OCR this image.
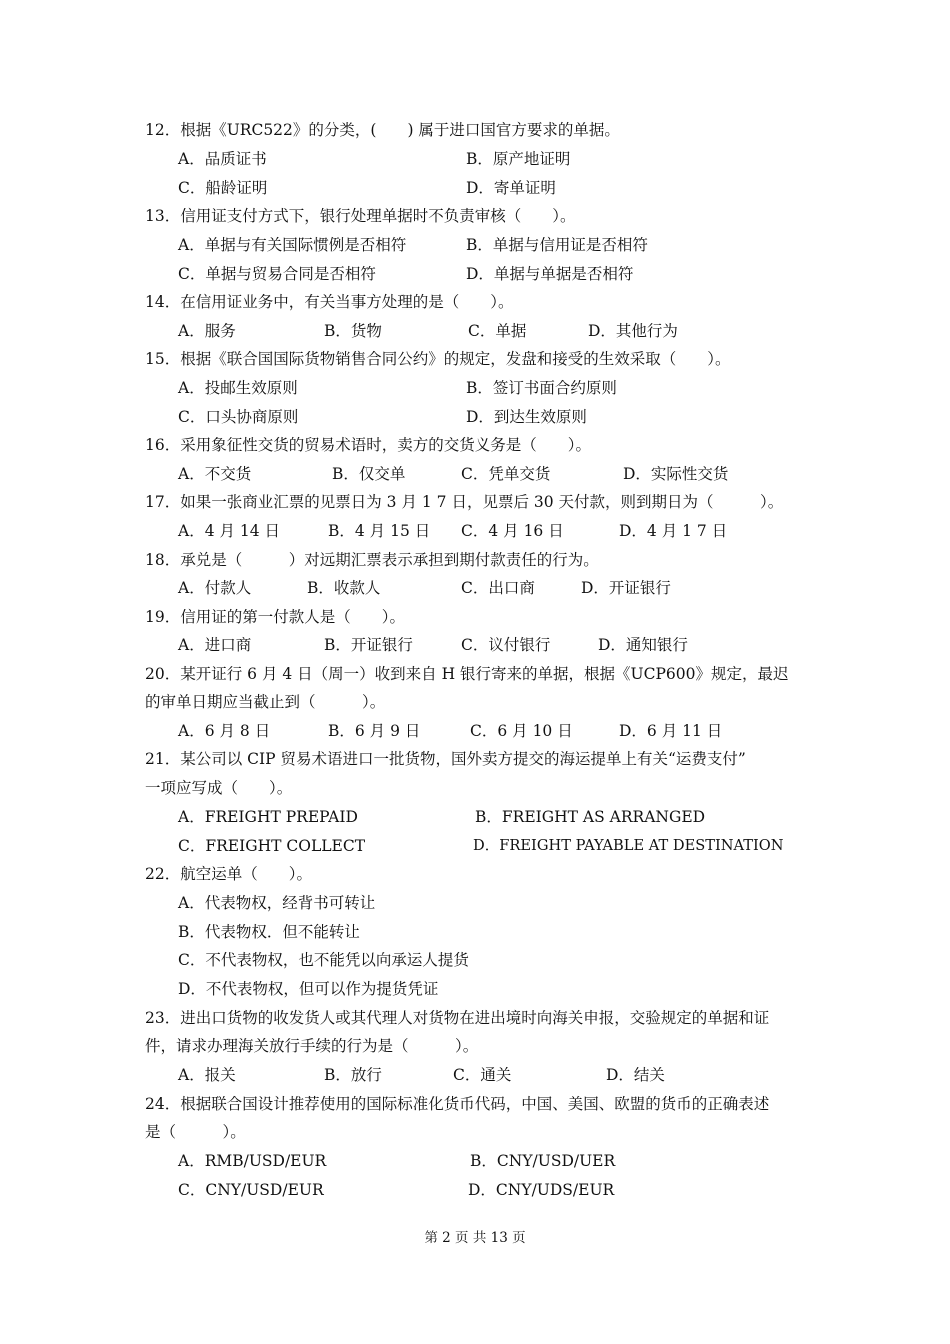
12．根据《URC522》的分类，(　　) 属于进口国官方要求的单据。
A．品质证书	B．原产地证明
C．船龄证明	D．寄单证明
13．信用证支付方式下，银行处理单据时不负责审核（　　）。
A．单据与有关国际惯例是否相符	B．单据与信用证是否相符
C．单据与贸易合同是否相符	D．单据与单据是否相符
14．在信用证业务中，有关当事方处理的是（　　）。
A．服务	B．货物	C．单据	D．其他行为
15．根据《联合国国际货物销售合同公约》的规定，发盘和接受的生效采取（　　）。
A．投邮生效原则	B．签订书面合约原则
C．口头协商原则	D．到达生效原则
16．采用象征性交货的贸易术语时，卖方的交货义务是（　　）。
A．不交货	B．仅交单	C．凭单交货	D．实际性交货
17．如果一张商业汇票的见票日为 3 月 1 7 日，见票后 30 天付款，则到期日为（　　　）。
A．4 月 14 日	B．4 月 15 日 C．4 月 16 日	D．4 月 1 7 日
18．承兑是（　　　）对远期汇票表示承担到期付款责任的行为。
A．付款人	B．收款人	C．出口商	D．开证银行
19．信用证的第一付款人是（　　）。
A．进口商	B．开证银行	C．议付银行	D．通知银行
20．某开证行 6 月 4 日（周一）收到来自 H 银行寄来的单据，根据《UCP600》规定，最迟
的审单日期应当截止到（　　　）。
A．6 月 8 日	B．6 月 9 日	C．6 月 10 日	D．6 月 11 日
21．某公司以 CIP 贸易术语进口一批货物，国外卖方提交的海运提单上有关“运费支付”
一项应写成（　　）。
A．FREIGHT PREPAID	B．FREIGHT AS ARRANGED
C．FREIGHT COLLECT	D．FREIGHT PAYABLE AT DESTINATION
22．航空运单（　　）。
A．代表物权，经背书可转让
B．代表物权．但不能转让
C．不代表物权，也不能凭以向承运人提货
D．不代表物权，但可以作为提货凭证
23．进出口货物的收发货人或其代理人对货物在进出境时向海关申报，交验规定的单据和证
件，请求办理海关放行手续的行为是（　　　）。
A．报关	B．放行	C．通关	D．结关
24．根据联合国设计推荐使用的国际标准化货币代码，中国、美国、欧盟的货币的正确表述
是（　　　）。
A．RMB/USD/EUR	B．CNY/USD/UER
C．CNY/USD/EUR	D．CNY/UDS/EUR
第 2 页 共 13 页
